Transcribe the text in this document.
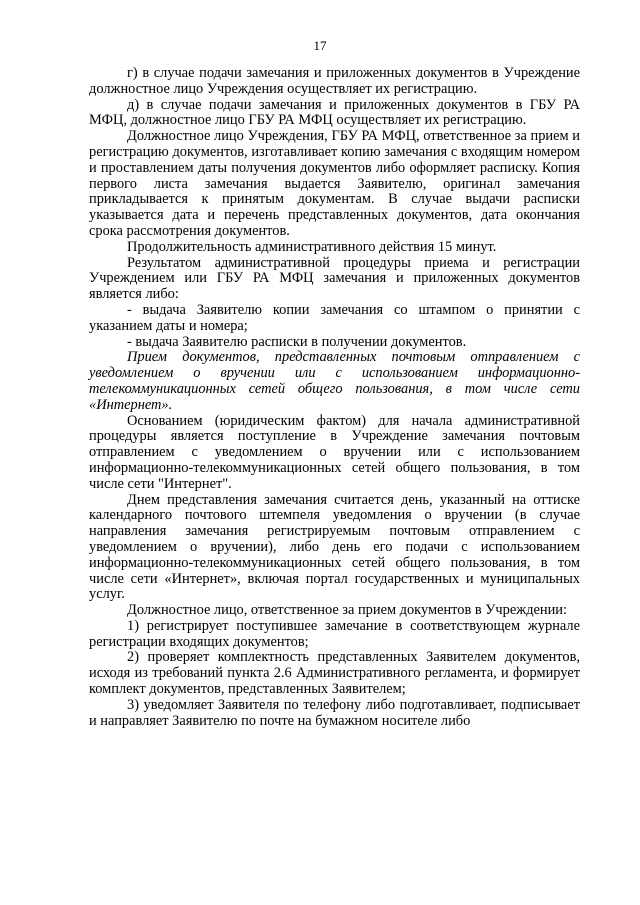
17

г) в случае подачи замечания и приложенных документов в Учреждение должностное лицо Учреждения осуществляет их регистрацию.

д) в случае подачи замечания и приложенных документов в ГБУ РА МФЦ, должностное лицо ГБУ РА МФЦ осуществляет их регистрацию.

Должностное лицо Учреждения, ГБУ РА МФЦ, ответственное за прием и регистрацию документов, изготавливает копию замечания с входящим номером и проставлением даты получения документов либо оформляет расписку. Копия первого листа замечания выдается Заявителю, оригинал замечания прикладывается к принятым документам. В случае выдачи расписки указывается дата и перечень представленных документов, дата окончания срока рассмотрения документов.

Продолжительность административного действия 15 минут.

Результатом административной процедуры приема и регистрации Учреждением или ГБУ РА МФЦ замечания и приложенных документов является либо:

- выдача Заявителю копии замечания со штампом о принятии с указанием даты и номера;

- выдача Заявителю расписки в получении документов.

Прием документов, представленных почтовым отправлением с уведомлением о вручении или с использованием информационно-телекоммуникационных сетей общего пользования, в том числе сети «Интернет».

Основанием (юридическим фактом) для начала административной процедуры является поступление в Учреждение замечания почтовым отправлением с уведомлением о вручении или с использованием информационно-телекоммуникационных сетей общего пользования, в том числе сети "Интернет".

Днем представления замечания считается день, указанный на оттиске календарного почтового штемпеля уведомления о вручении (в случае направления замечания регистрируемым почтовым отправлением с уведомлением о вручении), либо день его подачи с использованием информационно-телекоммуникационных сетей общего пользования, в том числе сети «Интернет», включая портал государственных и муниципальных услуг.

Должностное лицо, ответственное за прием документов в Учреждении:

1) регистрирует поступившее замечание в соответствующем журнале регистрации входящих документов;

2) проверяет комплектность представленных Заявителем документов, исходя из требований пункта 2.6 Административного регламента, и формирует комплект документов, представленных Заявителем;

3) уведомляет Заявителя по телефону либо подготавливает, подписывает и направляет Заявителю по почте на бумажном носителе либо
